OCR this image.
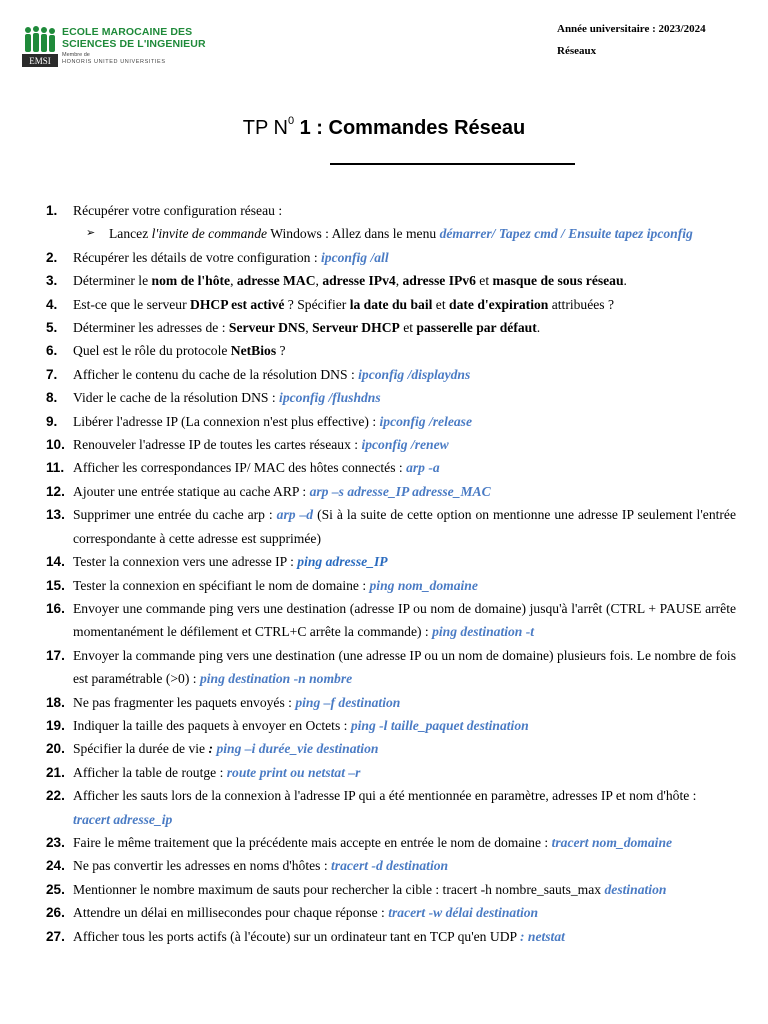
EMSI
ECOLE MAROCAINE DES
SCIENCES DE L'INGENIEUR
Membre de
HONORIS UNITED UNIVERSITIES
Année universitaire : 2023/2024
Réseaux
TP $N^0$ 1 : Commandes Réseau
1.	Récupérer votre configuration réseau :
➢ Lancez l'invite de commande Windows : Allez dans le menu démarrer/ Tapez cmd / Ensuite tapez ipconfig
2.	Récupérer les détails de votre configuration : ipconfig /all
3.	Déterminer le nom de l'hôte, adresse MAC, adresse IPv4, adresse IPv6 et masque de sous réseau.
4.	Est-ce que le serveur DHCP est activé ? Spécifier la date du bail et date d'expiration attribuées ?
5.	Déterminer les adresses de : Serveur DNS, Serveur DHCP et passerelle par défaut.
6.	Quel est le rôle du protocole NetBios ?
7.	Afficher le contenu du cache de la résolution DNS : ipconfig /displaydns
8.	Vider le cache de la résolution DNS : ipconfig /flushdns
9.	Libérer l'adresse IP (La connexion n'est plus effective) : ipconfig /release
10. Renouveler l'adresse IP de toutes les cartes réseaux : ipconfig /renew
11. Afficher les correspondances IP/ MAC des hôtes connectés : arp -a
12. Ajouter une entrée statique au cache ARP : arp –s adresse_IP adresse_MAC
13. Supprimer une entrée du cache arp : arp –d (Si à la suite de cette option on mentionne une adresse IP seulement l'entrée correspondante à cette adresse est supprimée)
14. Tester la connexion vers une adresse IP : ping adresse_IP
15. Tester la connexion en spécifiant le nom de domaine : ping nom_domaine
16. Envoyer une commande ping vers une destination (adresse IP ou nom de domaine) jusqu'à l'arrêt (CTRL + PAUSE arrête momentanément le défilement et CTRL+C arrête la commande) : ping destination -t
17. Envoyer la commande ping vers une destination (une adresse IP ou un nom de domaine) plusieurs fois. Le nombre de fois est paramétrable (>0) : ping destination -n nombre
18. Ne pas fragmenter les paquets envoyés : ping –f destination
19. Indiquer la taille des paquets à envoyer en Octets : ping -l taille_paquet destination
20. Spécifier la durée de vie : ping –i durée_vie destination
21. Afficher la table de routge : route print ou netstat –r
22. Afficher les sauts lors de la connexion à l'adresse IP qui a été mentionnée en paramètre, adresses IP et nom d'hôte : tracert adresse_ip
23. Faire le même traitement que la précédente mais accepte en entrée le nom de domaine : tracert nom_domaine
24. Ne pas convertir les adresses en noms d'hôtes : tracert -d destination
25. Mentionner le nombre maximum de sauts pour rechercher la cible : tracert -h nombre_sauts_max destination
26. Attendre un délai en millisecondes pour chaque réponse : tracert -w délai destination
27. Afficher tous les ports actifs (à l'écoute) sur un ordinateur tant en TCP qu'en UDP : netstat
